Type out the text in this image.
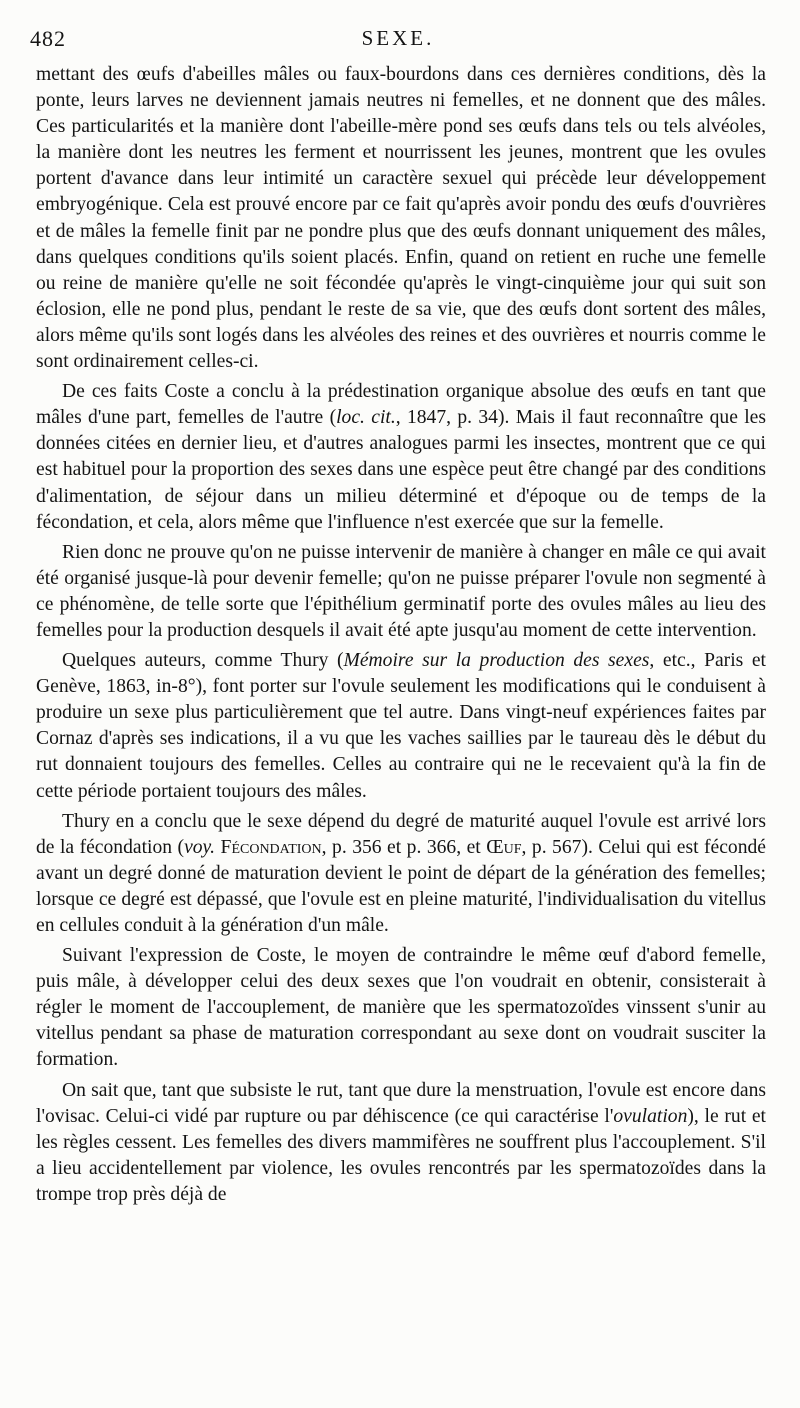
482	SEXE.

mettant des œufs d'abeilles mâles ou faux-bourdons dans ces dernières conditions, dès la ponte, leurs larves ne deviennent jamais neutres ni femelles, et ne donnent que des mâles. Ces particularités et la manière dont l'abeille-mère pond ses œufs dans tels ou tels alvéoles, la manière dont les neutres les ferment et nourrissent les jeunes, montrent que les ovules portent d'avance dans leur intimité un caractère sexuel qui précède leur développement embryogénique. Cela est prouvé encore par ce fait qu'après avoir pondu des œufs d'ouvrières et de mâles la femelle finit par ne pondre plus que des œufs donnant uniquement des mâles, dans quelques conditions qu'ils soient placés. Enfin, quand on retient en ruche une femelle ou reine de manière qu'elle ne soit fécondée qu'après le vingt-cinquième jour qui suit son éclosion, elle ne pond plus, pendant le reste de sa vie, que des œufs dont sortent des mâles, alors même qu'ils sont logés dans les alvéoles des reines et des ouvrières et nourris comme le sont ordinairement celles-ci.

De ces faits Coste a conclu à la prédestination organique absolue des œufs en tant que mâles d'une part, femelles de l'autre (loc. cit., 1847, p. 34). Mais il faut reconnaître que les données citées en dernier lieu, et d'autres analogues parmi les insectes, montrent que ce qui est habituel pour la proportion des sexes dans une espèce peut être changé par des conditions d'alimentation, de séjour dans un milieu déterminé et d'époque ou de temps de la fécondation, et cela, alors même que l'influence n'est exercée que sur la femelle.

Rien donc ne prouve qu'on ne puisse intervenir de manière à changer en mâle ce qui avait été organisé jusque-là pour devenir femelle; qu'on ne puisse préparer l'ovule non segmenté à ce phénomène, de telle sorte que l'épithélium germinatif porte des ovules mâles au lieu des femelles pour la production desquels il avait été apte jusqu'au moment de cette intervention.

Quelques auteurs, comme Thury (Mémoire sur la production des sexes, etc., Paris et Genève, 1863, in-8°), font porter sur l'ovule seulement les modifications qui le conduisent à produire un sexe plus particulièrement que tel autre. Dans vingt-neuf expériences faites par Cornaz d'après ses indications, il a vu que les vaches saillies par le taureau dès le début du rut donnaient toujours des femelles. Celles au contraire qui ne le recevaient qu'à la fin de cette période portaient toujours des mâles.

Thury en a conclu que le sexe dépend du degré de maturité auquel l'ovule est arrivé lors de la fécondation (voy. Fécondation, p. 356 et p. 366, et Œuf, p. 567). Celui qui est fécondé avant un degré donné de maturation devient le point de départ de la génération des femelles; lorsque ce degré est dépassé, que l'ovule est en pleine maturité, l'individualisation du vitellus en cellules conduit à la génération d'un mâle.

Suivant l'expression de Coste, le moyen de contraindre le même œuf d'abord femelle, puis mâle, à développer celui des deux sexes que l'on voudrait en obtenir, consisterait à régler le moment de l'accouplement, de manière que les spermatozoïdes vinssent s'unir au vitellus pendant sa phase de maturation correspondant au sexe dont on voudrait susciter la formation.

On sait que, tant que subsiste le rut, tant que dure la menstruation, l'ovule est encore dans l'ovisac. Celui-ci vidé par rupture ou par déhiscence (ce qui caractérise l'ovulation), le rut et les règles cessent. Les femelles des divers mammifères ne souffrent plus l'accouplement. S'il a lieu accidentellement par violence, les ovules rencontrés par les spermatozoïdes dans la trompe trop près déjà de
